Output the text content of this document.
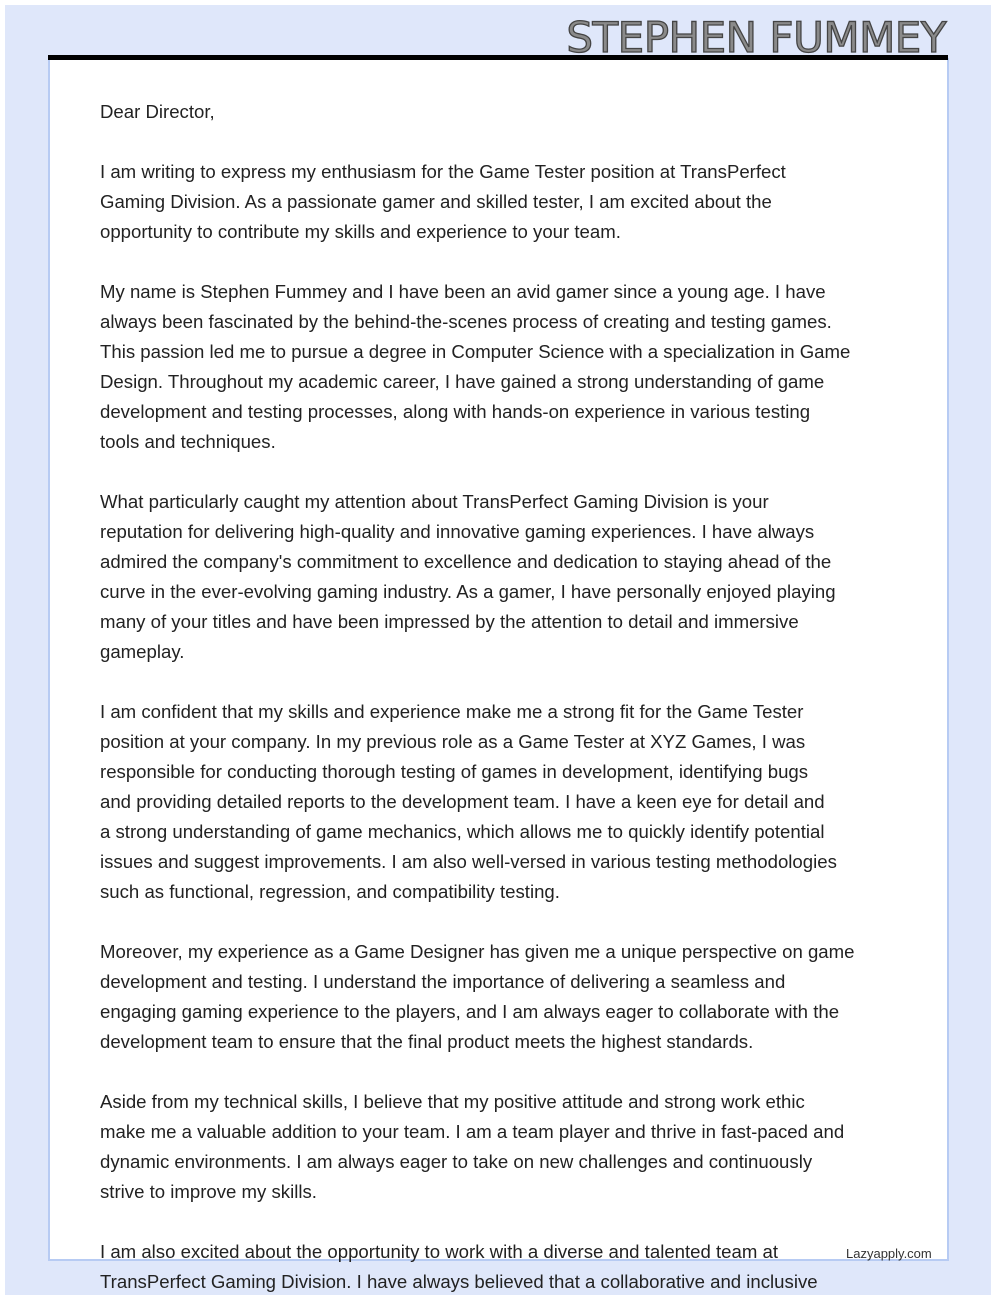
STEPHEN FUMMEY

Dear Director,

I am writing to express my enthusiasm for the Game Tester position at TransPerfect
Gaming Division. As a passionate gamer and skilled tester, I am excited about the
opportunity to contribute my skills and experience to your team.

My name is Stephen Fummey and I have been an avid gamer since a young age. I have
always been fascinated by the behind-the-scenes process of creating and testing games.
This passion led me to pursue a degree in Computer Science with a specialization in Game
Design. Throughout my academic career, I have gained a strong understanding of game
development and testing processes, along with hands-on experience in various testing
tools and techniques.

What particularly caught my attention about TransPerfect Gaming Division is your
reputation for delivering high-quality and innovative gaming experiences. I have always
admired the company's commitment to excellence and dedication to staying ahead of the
curve in the ever-evolving gaming industry. As a gamer, I have personally enjoyed playing
many of your titles and have been impressed by the attention to detail and immersive
gameplay.

I am confident that my skills and experience make me a strong fit for the Game Tester
position at your company. In my previous role as a Game Tester at XYZ Games, I was
responsible for conducting thorough testing of games in development, identifying bugs
and providing detailed reports to the development team. I have a keen eye for detail and
a strong understanding of game mechanics, which allows me to quickly identify potential
issues and suggest improvements. I am also well-versed in various testing methodologies
such as functional, regression, and compatibility testing.

Moreover, my experience as a Game Designer has given me a unique perspective on game
development and testing. I understand the importance of delivering a seamless and
engaging gaming experience to the players, and I am always eager to collaborate with the
development team to ensure that the final product meets the highest standards.

Aside from my technical skills, I believe that my positive attitude and strong work ethic
make me a valuable addition to your team. I am a team player and thrive in fast-paced and
dynamic environments. I am always eager to take on new challenges and continuously
strive to improve my skills.

I am also excited about the opportunity to work with a diverse and talented team at
TransPerfect Gaming Division. I have always believed that a collaborative and inclusive

Lazyapply.com
